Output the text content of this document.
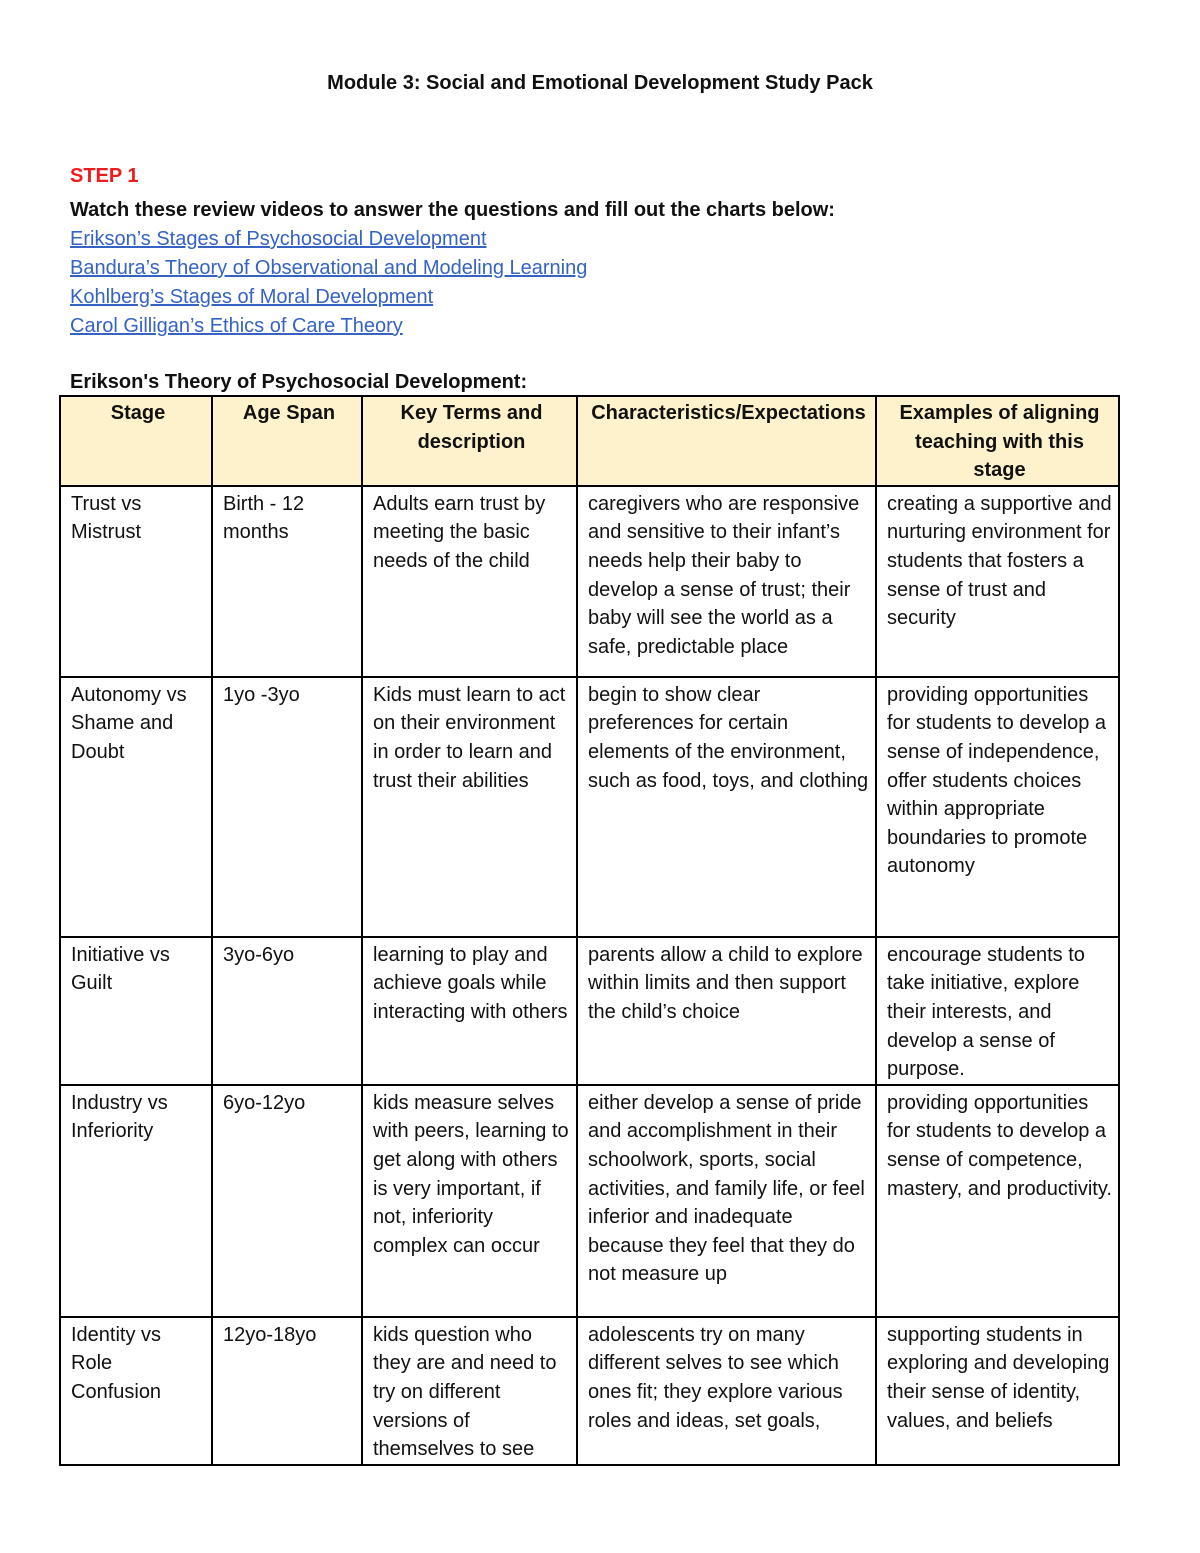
Module 3: Social and Emotional Development Study Pack

STEP 1

Watch these review videos to answer the questions and fill out the charts below:

Erikson’s Stages of Psychosocial Development
Bandura’s Theory of Observational and Modeling Learning
Kohlberg’s Stages of Moral Development
Carol Gilligan’s Ethics of Care Theory

Erikson's Theory of Psychosocial Development:

Stage	Age Span	Key Terms and description	Characteristics/Expectations	Examples of aligning teaching with this stage
Trust vs Mistrust	Birth - 12 months	Adults earn trust by meeting the basic needs of the child	caregivers who are responsive and sensitive to their infant’s needs help their baby to develop a sense of trust; their baby will see the world as a safe, predictable place	creating a supportive and nurturing environment for students that fosters a sense of trust and security
Autonomy vs Shame and Doubt	1yo -3yo	Kids must learn to act on their environment in order to learn and trust their abilities	begin to show clear preferences for certain elements of the environment, such as food, toys, and clothing	providing opportunities for students to develop a sense of independence, offer students choices within appropriate boundaries to promote autonomy
Initiative vs Guilt	3yo-6yo	learning to play and achieve goals while interacting with others	parents allow a child to explore within limits and then support the child’s choice	encourage students to take initiative, explore their interests, and develop a sense of purpose.
Industry vs Inferiority	6yo-12yo	kids measure selves with peers, learning to get along with others is very important, if not, inferiority complex can occur	either develop a sense of pride and accomplishment in their schoolwork, sports, social activities, and family life, or feel inferior and inadequate because they feel that they do not measure up	providing opportunities for students to develop a sense of competence, mastery, and productivity.
Identity vs Role Confusion	12yo-18yo	kids question who they are and need to try on different versions of themselves to see	adolescents try on many different selves to see which ones fit; they explore various roles and ideas, set goals,	supporting students in exploring and developing their sense of identity, values, and beliefs
